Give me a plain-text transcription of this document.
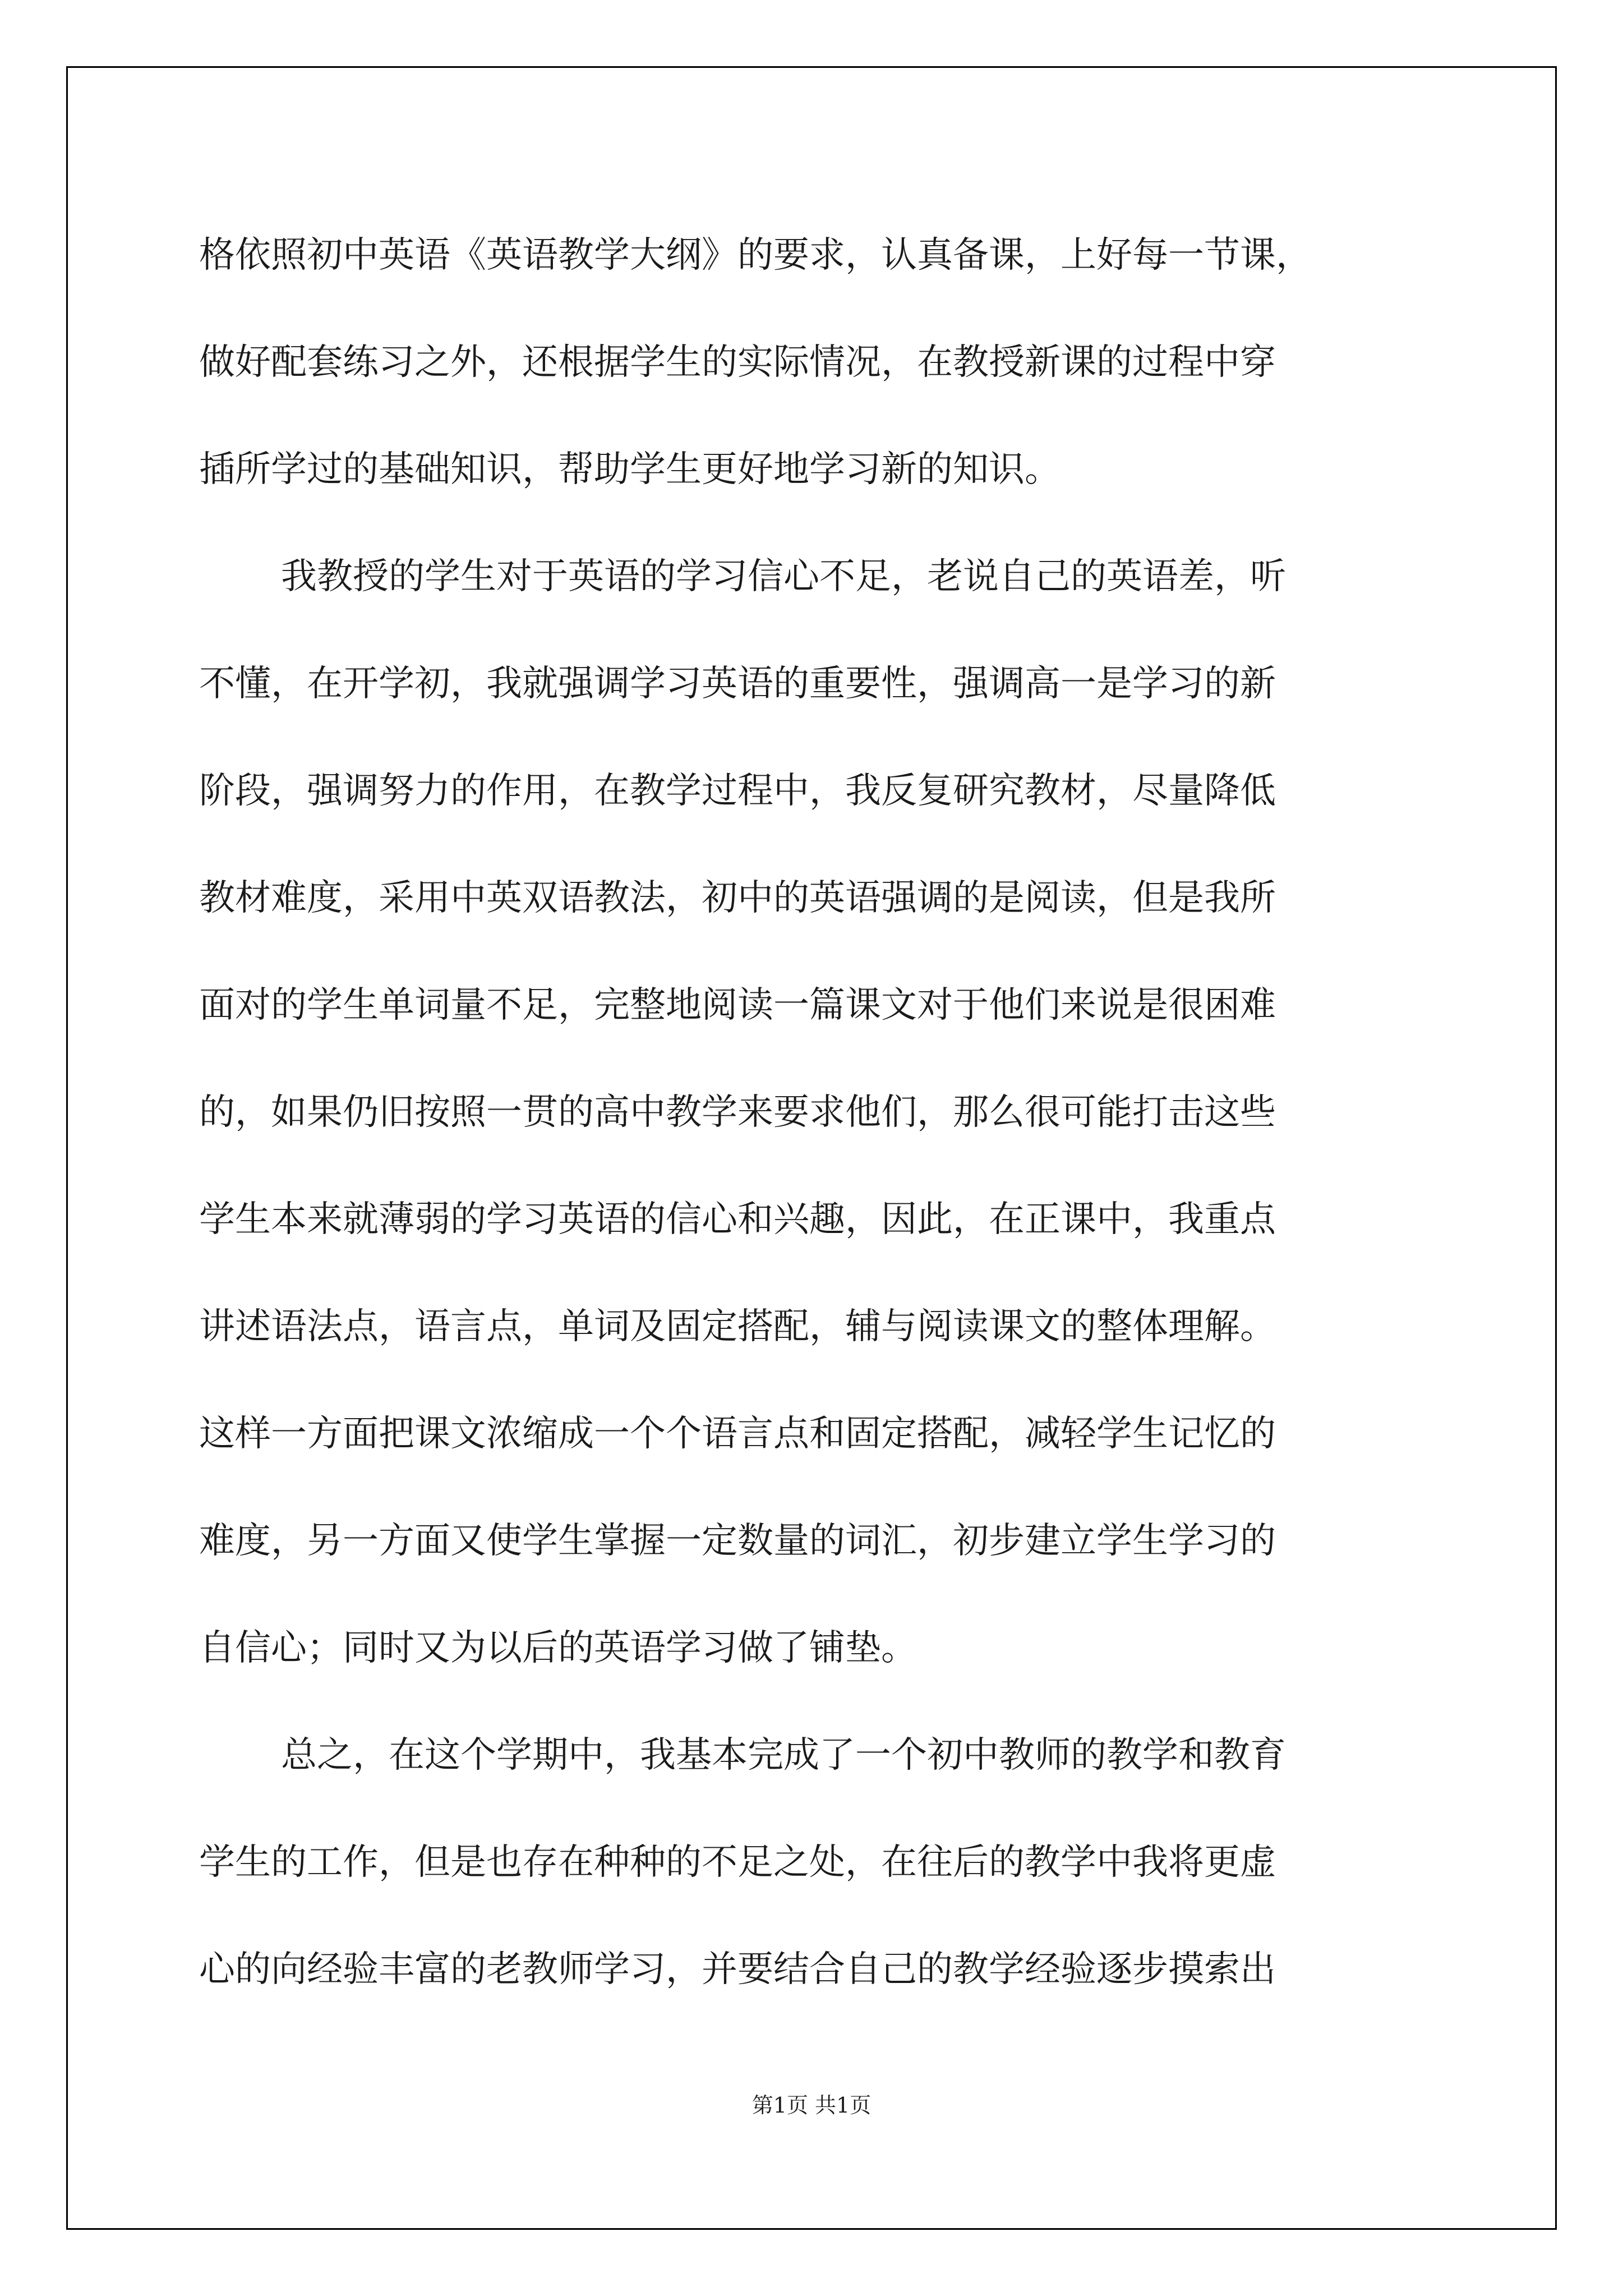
格依照初中英语《英语教学大纲》的要求，认真备课，上好每一节课，
做好配套练习之外，还根据学生的实际情况，在教授新课的过程中穿
插所学过的基础知识，帮助学生更好地学习新的知识。
我教授的学生对于英语的学习信心不足，老说自己的英语差，听
不懂，在开学初，我就强调学习英语的重要性，强调高一是学习的新
阶段，强调努力的作用，在教学过程中，我反复研究教材，尽量降低
教材难度，采用中英双语教法，初中的英语强调的是阅读，但是我所
面对的学生单词量不足，完整地阅读一篇课文对于他们来说是很困难
的，如果仍旧按照一贯的高中教学来要求他们，那么很可能打击这些
学生本来就薄弱的学习英语的信心和兴趣，因此，在正课中，我重点
讲述语法点，语言点，单词及固定搭配，辅与阅读课文的整体理解。
这样一方面把课文浓缩成一个个语言点和固定搭配，减轻学生记忆的
难度，另一方面又使学生掌握一定数量的词汇，初步建立学生学习的
自信心；同时又为以后的英语学习做了铺垫。
总之，在这个学期中，我基本完成了一个初中教师的教学和教育
学生的工作，但是也存在种种的不足之处，在往后的教学中我将更虚
心的向经验丰富的老教师学习，并要结合自己的教学经验逐步摸索出
第1页 共1页
